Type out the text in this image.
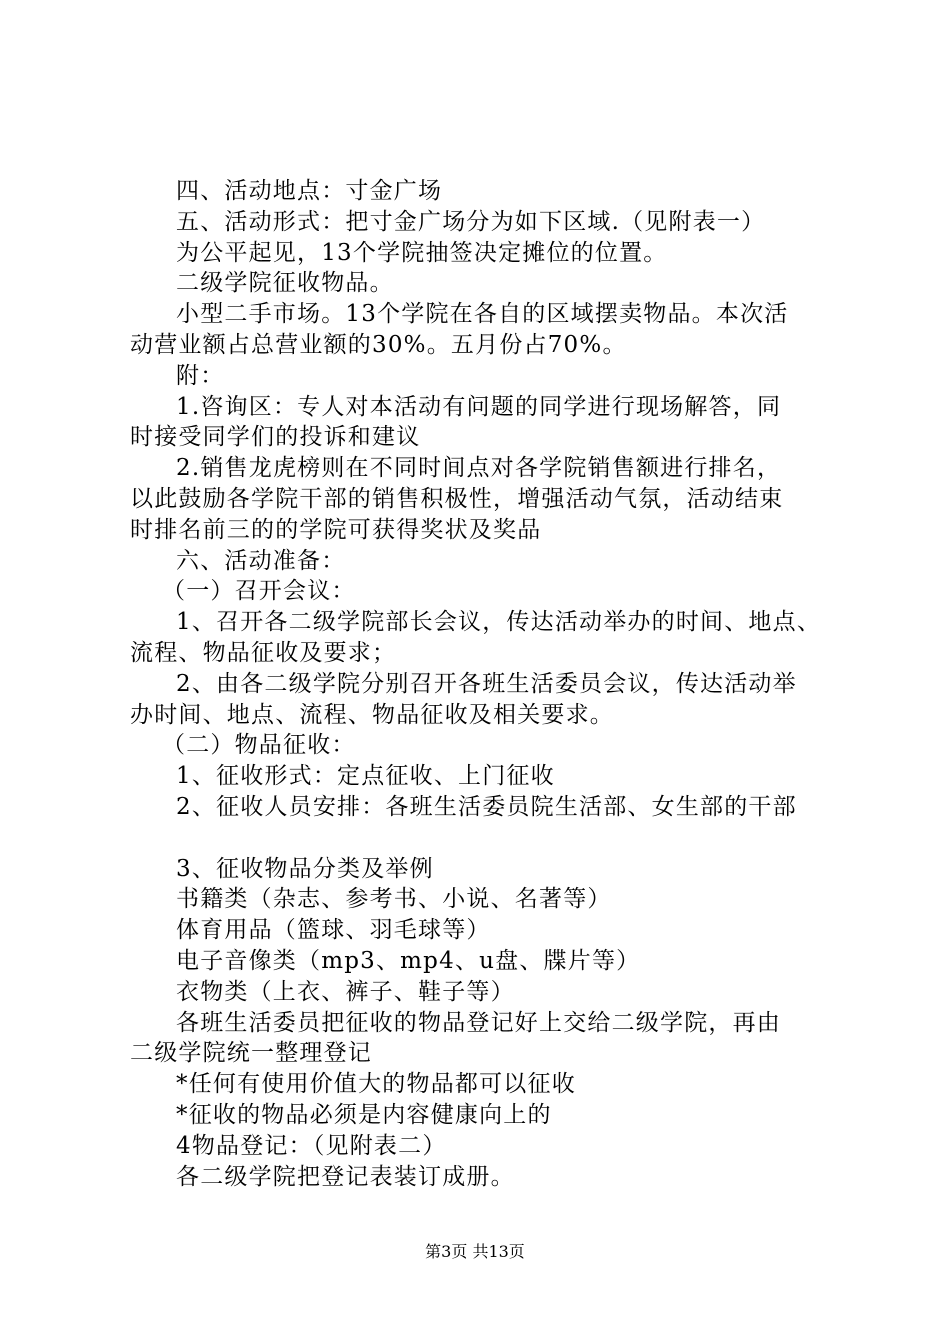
四、活动地点：寸金广场
五、活动形式：把寸金广场分为如下区域.（见附表一）
为公平起见，13个学院抽签决定摊位的位置。
二级学院征收物品。
小型二手市场。13个学院在各自的区域摆卖物品。本次活
动营业额占总营业额的30%。五月份占70%。
附：
1.咨询区：专人对本活动有问题的同学进行现场解答，同
时接受同学们的投诉和建议
2.销售龙虎榜则在不同时间点对各学院销售额进行排名，
以此鼓励各学院干部的销售积极性，增强活动气氛，活动结束
时排名前三的的学院可获得奖状及奖品
六、活动准备：
（一）召开会议：
1、召开各二级学院部长会议，传达活动举办的时间、地点、
流程、物品征收及要求；
2、由各二级学院分别召开各班生活委员会议，传达活动举
办时间、地点、流程、物品征收及相关要求。
（二）物品征收：
1、征收形式：定点征收、上门征收
2、征收人员安排：各班生活委员院生活部、女生部的干部
3、征收物品分类及举例
书籍类（杂志、参考书、小说、名著等）
体育用品（篮球、羽毛球等）
电子音像类（mp3、mp4、u盘、牒片等）
衣物类（上衣、裤子、鞋子等）
各班生活委员把征收的物品登记好上交给二级学院，再由
二级学院统一整理登记
*任何有使用价值大的物品都可以征收
*征收的物品必须是内容健康向上的
4物品登记：（见附表二）
各二级学院把登记表装订成册。
第3页 共13页
